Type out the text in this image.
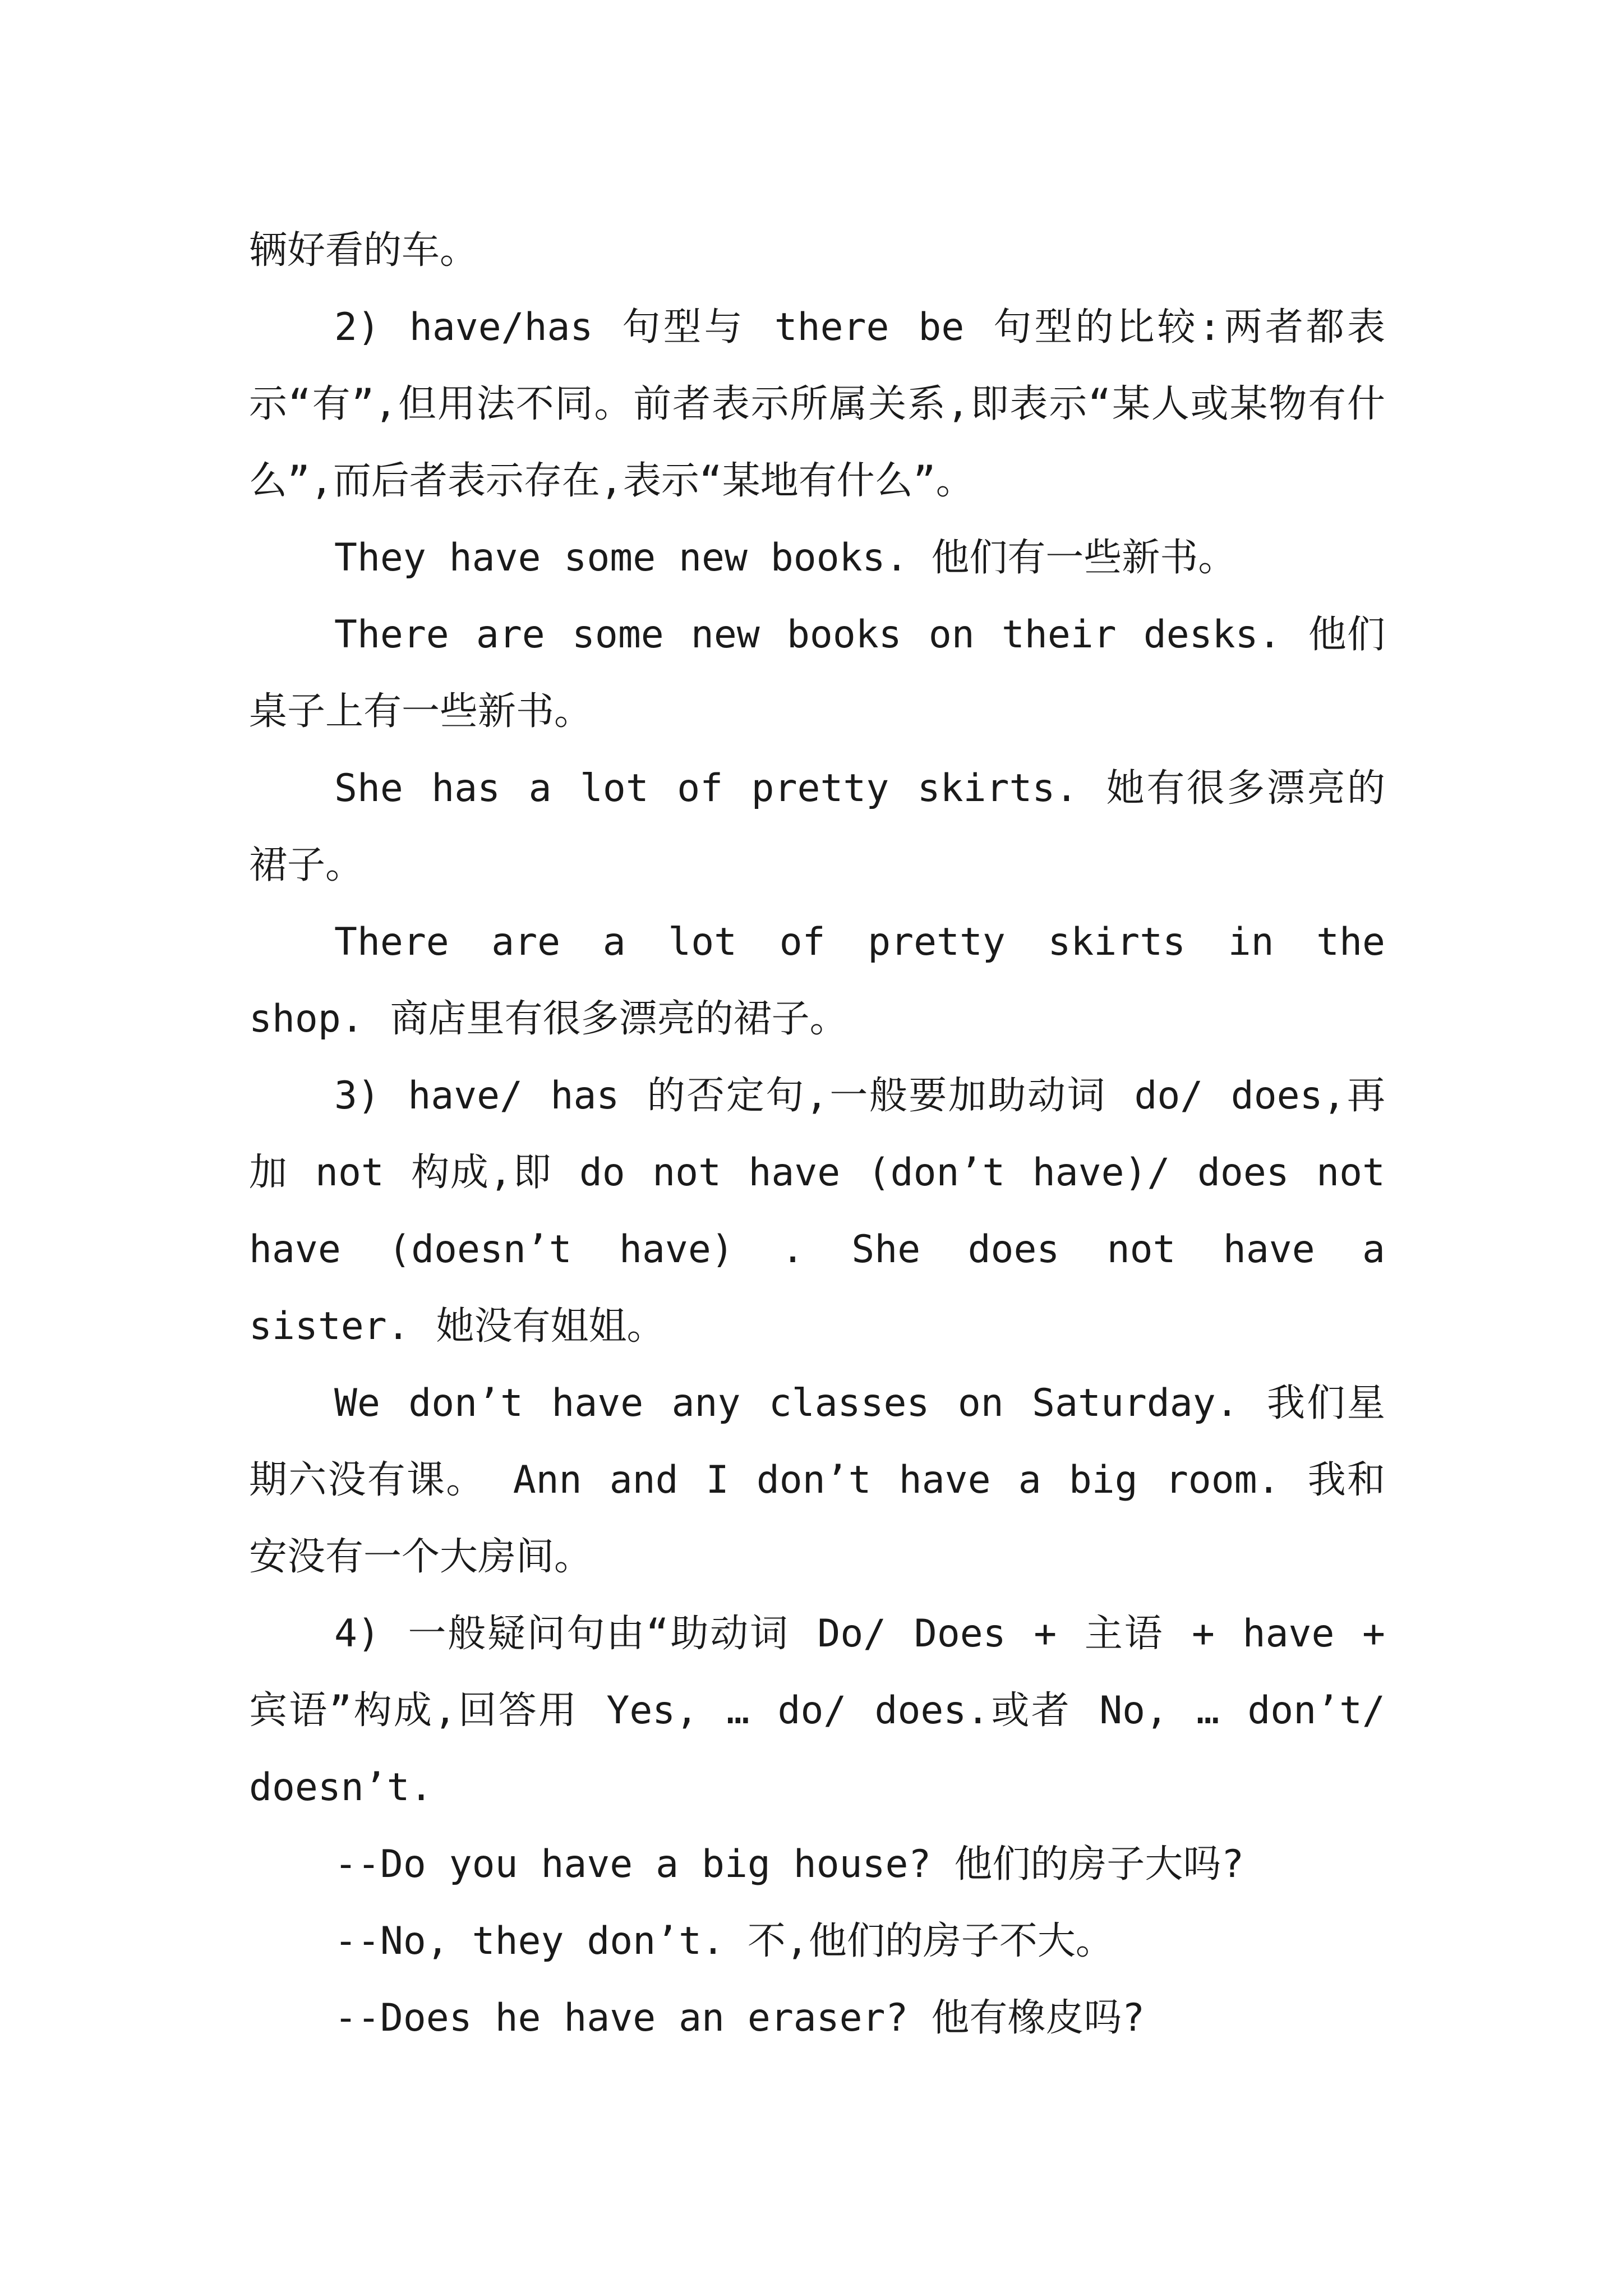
辆好看的车。

2) have/has 句型与 there be 句型的比较:两者都表示“有”,但用法不同。前者表示所属关系,即表示“某人或某物有什么”,而后者表示存在,表示“某地有什么”。

They have some new books. 他们有一些新书。

There are some new books on their desks. 他们桌子上有一些新书。

She has a lot of pretty skirts. 她有很多漂亮的裙子。

There are a lot of pretty skirts in the shop. 商店里有很多漂亮的裙子。

3) have/ has 的否定句,一般要加助动词 do/ does,再加 not 构成,即 do not have (don’t have)/ does not have (doesn’t have) . She does not have a sister. 她没有姐姐。

We don’t have any classes on Saturday. 我们星期六没有课。 Ann and I don’t have a big room. 我和安没有一个大房间。

4) 一般疑问句由“助动词 Do/ Does + 主语 + have + 宾语”构成,回答用 Yes, … do/ does.或者 No, … don’t/ doesn’t.

--Do you have a big house? 他们的房子大吗?

--No, they don’t. 不,他们的房子不大。

--Does he have an eraser? 他有橡皮吗?
